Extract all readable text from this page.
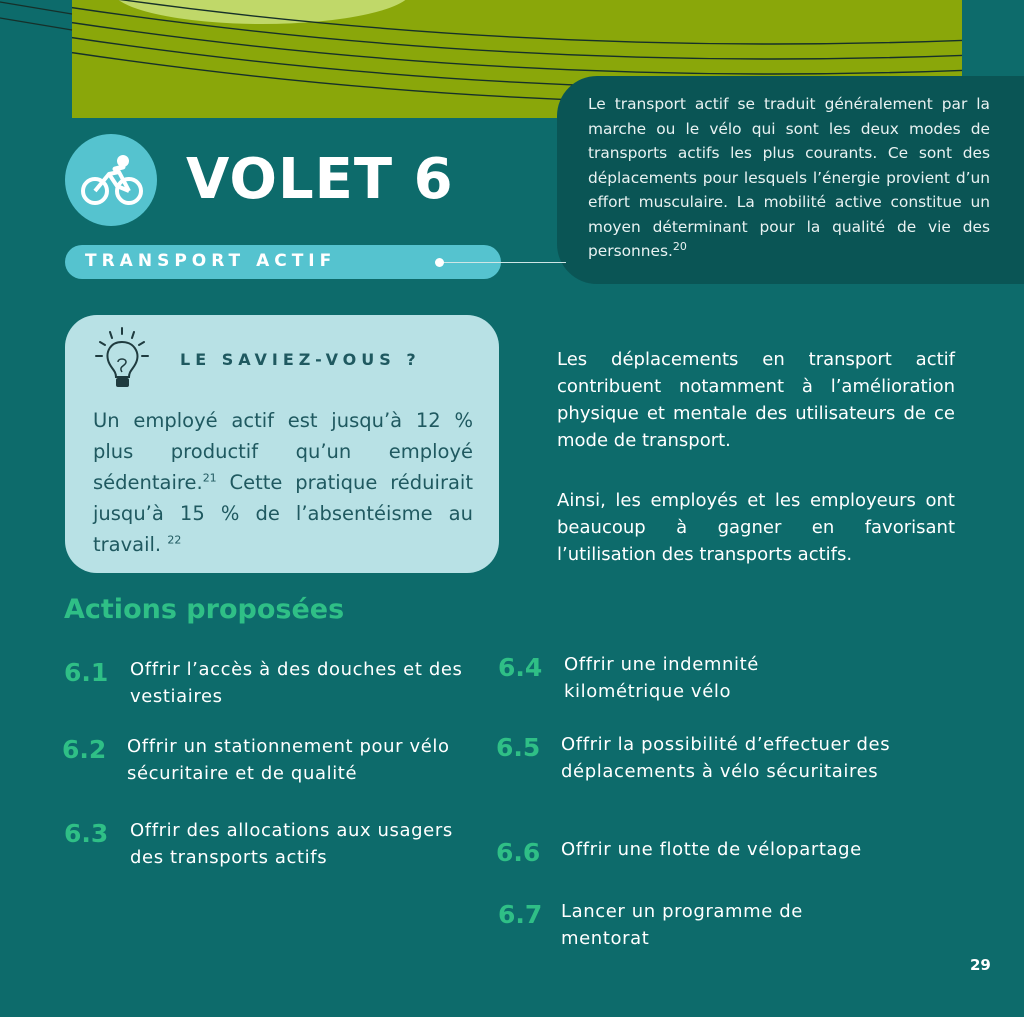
Le transport actif se traduit généralement par la marche ou le vélo qui sont les deux modes de transports actifs les plus courants. Ce sont des déplacements pour lesquels l’énergie provient d’un effort musculaire. La mobilité active constitue un moyen déterminant pour la qualité de vie des personnes.$^{20}$
VOLET 6
TRANSPORT ACTIF
LE SAVIEZ-VOUS ?
Un employé actif est jusqu’à 12 % plus productif qu’un employé sédentaire.$^{21}$ Cette pratique réduirait jusqu’à 15 % de l’absentéisme au travail. $^{22}$
Les déplacements en transport actif contribuent notamment à l’amélioration physique et mentale des utilisateurs de ce mode de transport.
Ainsi, les employés et les employeurs ont beaucoup à gagner en favorisant l’utilisation des transports actifs.
Actions proposées
6.1 Offrir l’accès à des douches et des vestiaires
6.2 Offrir un stationnement pour vélo sécuritaire et de qualité
6.3 Offrir des allocations aux usagers des transports actifs
6.4 Offrir une indemnité kilométrique vélo
6.5 Offrir la possibilité d’effectuer des déplacements à vélo sécuritaires
6.6 Offrir une flotte de vélopartage
6.7 Lancer un programme de mentorat
29
